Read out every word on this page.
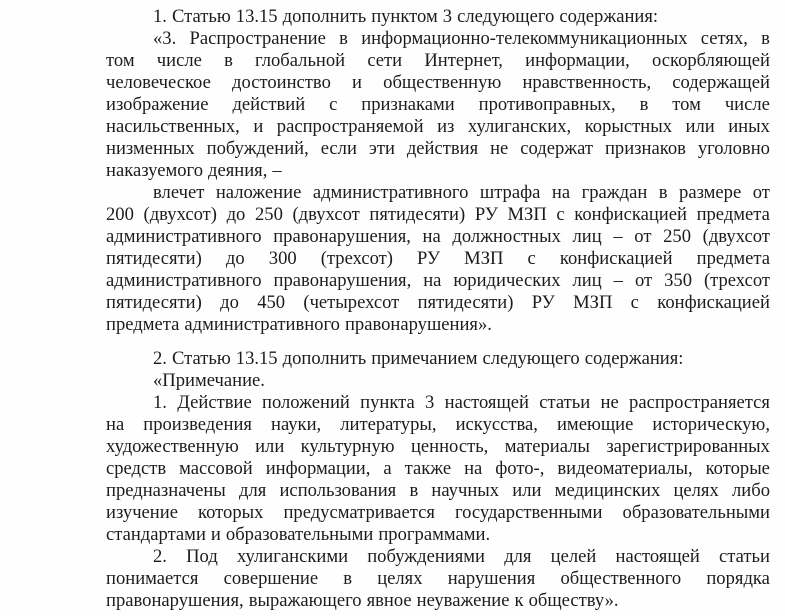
1. Статью 13.15 дополнить пунктом 3 следующего содержания:
«3. Распространение в информационно-телекоммуникационных сетях, в
том числе в глобальной сети Интернет, информации, оскорбляющей
человеческое достоинство и общественную нравственность, содержащей
изображение действий с признаками противоправных, в том числе
насильственных, и распространяемой из хулиганских, корыстных или иных
низменных побуждений, если эти действия не содержат признаков уголовно
наказуемого деяния, –
влечет наложение административного штрафа на граждан в размере от
200 (двухсот) до 250 (двухсот пятидесяти) РУ МЗП с конфискацией предмета
административного правонарушения, на должностных лиц – от 250 (двухсот
пятидесяти) до 300 (трехсот) РУ МЗП с конфискацией предмета
административного правонарушения, на юридических лиц – от 350 (трехсот
пятидесяти) до 450 (четырехсот пятидесяти) РУ МЗП с конфискацией
предмета административного правонарушения».
2. Статью 13.15 дополнить примечанием следующего содержания:
«Примечание.
1. Действие положений пункта 3 настоящей статьи не распространяется
на произведения науки, литературы, искусства, имеющие историческую,
художественную или культурную ценность, материалы зарегистрированных
средств массовой информации, а также на фото-, видеоматериалы, которые
предназначены для использования в научных или медицинских целях либо
изучение которых предусматривается государственными образовательными
стандартами и образовательными программами.
2. Под хулиганскими побуждениями для целей настоящей статьи
понимается совершение в целях нарушения общественного порядка
правонарушения, выражающего явное неуважение к обществу».
